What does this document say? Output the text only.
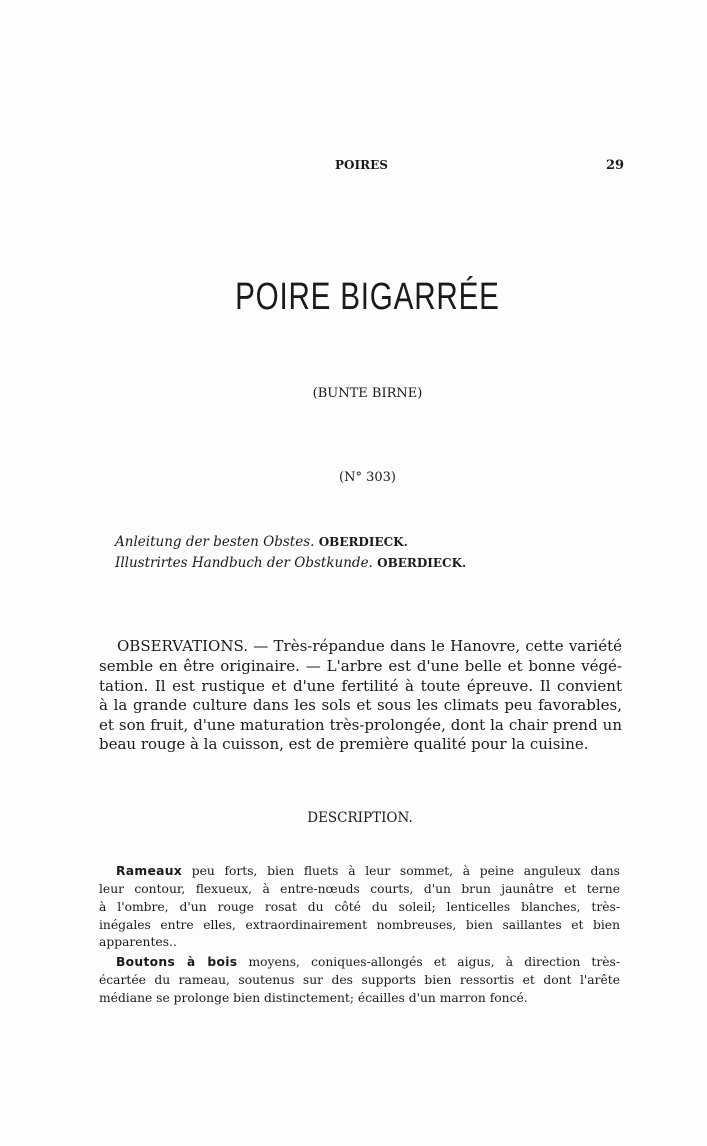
POIRES	29
POIRE BIGARRÉE
(BUNTE BIRNE)
(N° 303)
Anleitung der besten Obstes. OBERDIECK.
Illustrirtes Handbuch der Obstkunde. OBERDIECK.
OBSERVATIONS. — Très-répandue dans le Hanovre, cette variété
semble en être originaire. — L'arbre est d'une belle et bonne végé-
tation. Il est rustique et d'une fertilité à toute épreuve. Il convient
à la grande culture dans les sols et sous les climats peu favorables,
et son fruit, d'une maturation très-prolongée, dont la chair prend un
beau rouge à la cuisson, est de première qualité pour la cuisine.
DESCRIPTION.
Rameaux peu forts, bien fluets à leur sommet, à peine anguleux dans
leur contour, flexueux, à entre-nœuds courts, d'un brun jaunâtre et terne
à l'ombre, d'un rouge rosat du côté du soleil; lenticelles blanches, très-
inégales entre elles, extraordinairement nombreuses, bien saillantes et bien
apparentes..
Boutons à bois moyens, coniques-allongés et aigus, à direction très-
écartée du rameau, soutenus sur des supports bien ressortis et dont l'arête
médiane se prolonge bien distinctement; écailles d'un marron foncé.
